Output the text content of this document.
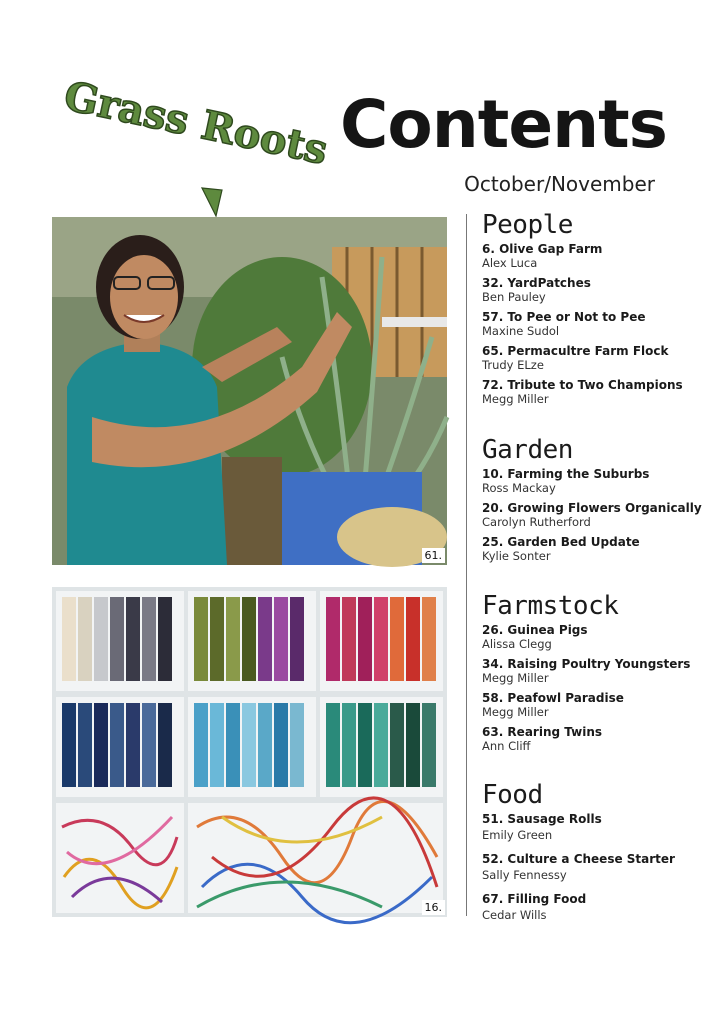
Grass Roots Contents
October/November
61.
16.
People
6. Olive Gap Farm
Alex Luca
32. YardPatches
Ben Pauley
57. To Pee or Not to Pee
Maxine Sudol
65. Permacultre Farm Flock
Trudy ELze
72. Tribute to Two Champions
Megg Miller
Garden
10. Farming the Suburbs
Ross Mackay
20. Growing Flowers Organically
Carolyn Rutherford
25. Garden Bed Update
Kylie Sonter
Farmstock
26. Guinea Pigs
Alissa Clegg
34. Raising Poultry Youngsters
Megg Miller
58. Peafowl Paradise
Megg Miller
63. Rearing Twins
Ann Cliff
Food
51. Sausage Rolls
Emily Green
52. Culture a Cheese Starter
Sally Fennessy
67. Filling Food
Cedar Wills
